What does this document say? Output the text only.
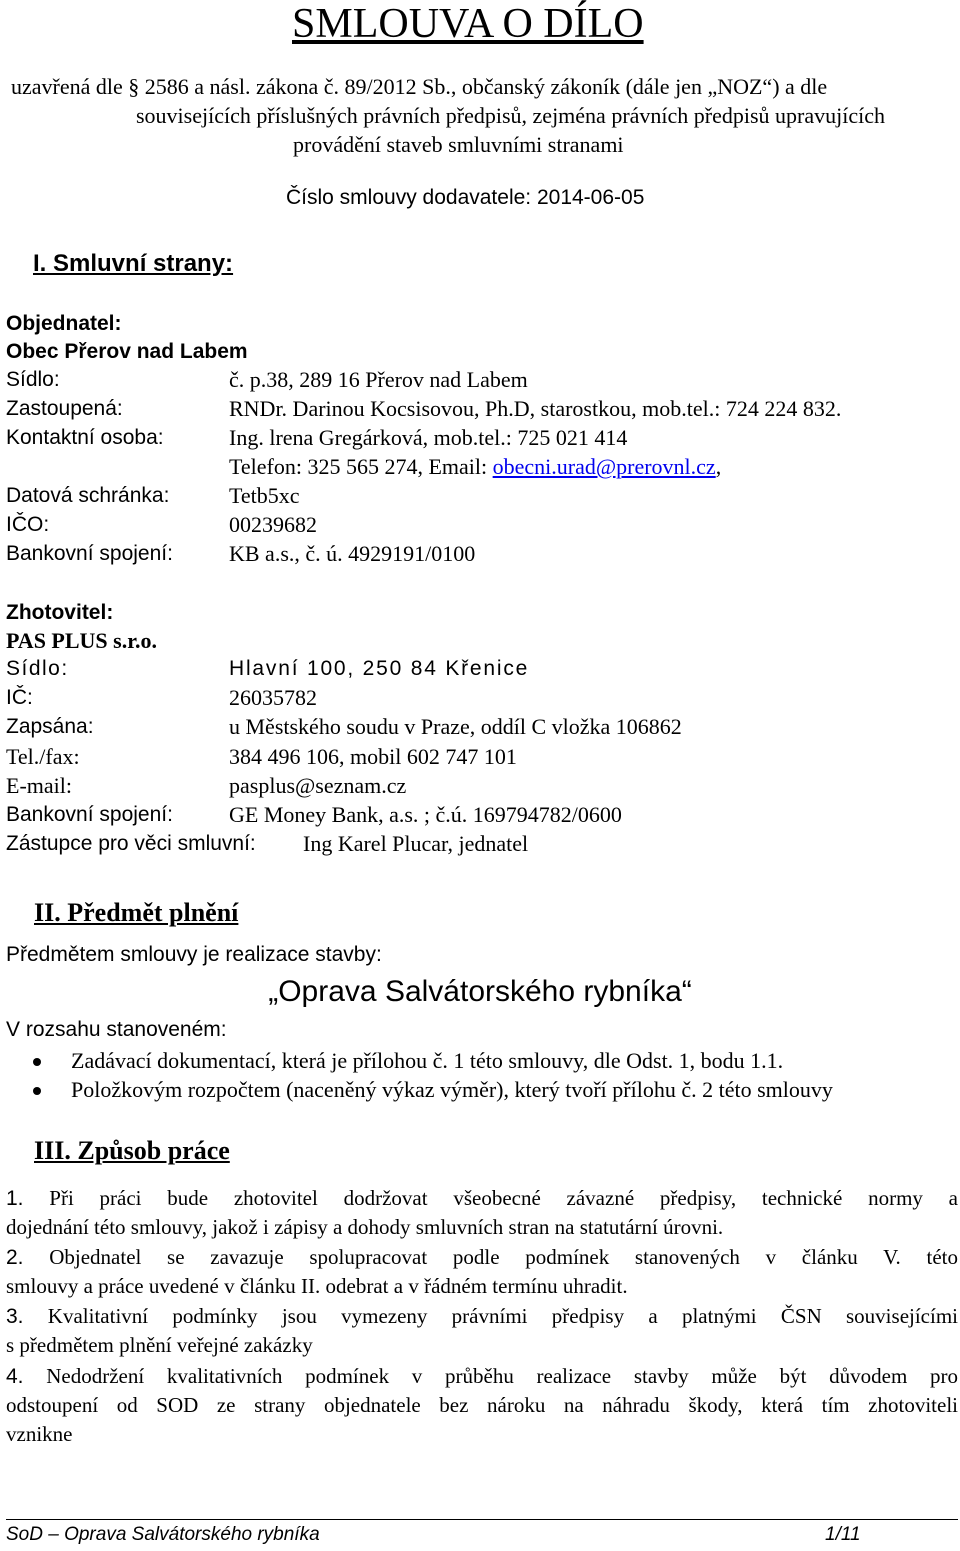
SMLOUVA O DÍLO
uzavřená dle § 2586 a násl. zákona č. 89/2012 Sb., občanský zákoník (dále jen „NOZ“) a dle
souvisejících příslušných právních předpisů, zejména právních předpisů upravujících
provádění staveb smluvními stranami
Číslo smlouvy dodavatele: 2014-06-05
I. Smluvní strany:
Objednatel:
Obec Přerov nad Labem
Sídlo:	č. p.38, 289 16 Přerov nad Labem
Zastoupená:	RNDr. Darinou Kocsisovou, Ph.D, starostkou, mob.tel.: 724 224 832.
Kontaktní osoba:	Ing. lrena Gregárková, mob.tel.: 725 021 414
Telefon: 325 565 274, Email: obecni.urad@prerovnl.cz,
Datová schránka:	Tetb5xc
IČO:	00239682
Bankovní spojení:	KB a.s., č. ú. 4929191/0100
Zhotovitel:
PAS PLUS s.r.o.
Sídlo:	Hlavní 100, 250 84 Křenice
IČ:	26035782
Zapsána:	u Městského soudu v Praze, oddíl C vložka 106862
Tel./fax:	384 496 106, mobil 602 747 101
E-mail:	pasplus@seznam.cz
Bankovní spojení:	GE Money Bank, a.s. ; č.ú. 169794782/0600
Zástupce pro věci smluvní: Ing Karel Plucar, jednatel
II. Předmět plnění
Předmětem smlouvy je realizace stavby:
„Oprava Salvátorského rybníka“
V rozsahu stanoveném:
Zadávací dokumentací, která je přílohou č. 1 této smlouvy, dle Odst. 1, bodu 1.1.
Položkovým rozpočtem (naceněný výkaz výměr), který tvoří přílohu č. 2 této smlouvy
III. Způsob práce
1. Při práci bude zhotovitel dodržovat všeobecné závazné předpisy, technické normy a
dojednání této smlouvy, jakož i zápisy a dohody smluvních stran na statutární úrovni.
2. Objednatel se zavazuje spolupracovat podle podmínek stanovených v článku V. této
smlouvy a práce uvedené v článku II. odebrat a v řádném termínu uhradit.
3. Kvalitativní podmínky jsou vymezeny právními předpisy a platnými ČSN souvisejícími
s předmětem plnění veřejné zakázky
4. Nedodržení kvalitativních podmínek v průběhu realizace stavby může být důvodem pro
odstoupení od SOD ze strany objednatele bez nároku na náhradu škody, která tím zhotoviteli
vznikne
SoD – Oprava Salvátorského rybníka	1/11
